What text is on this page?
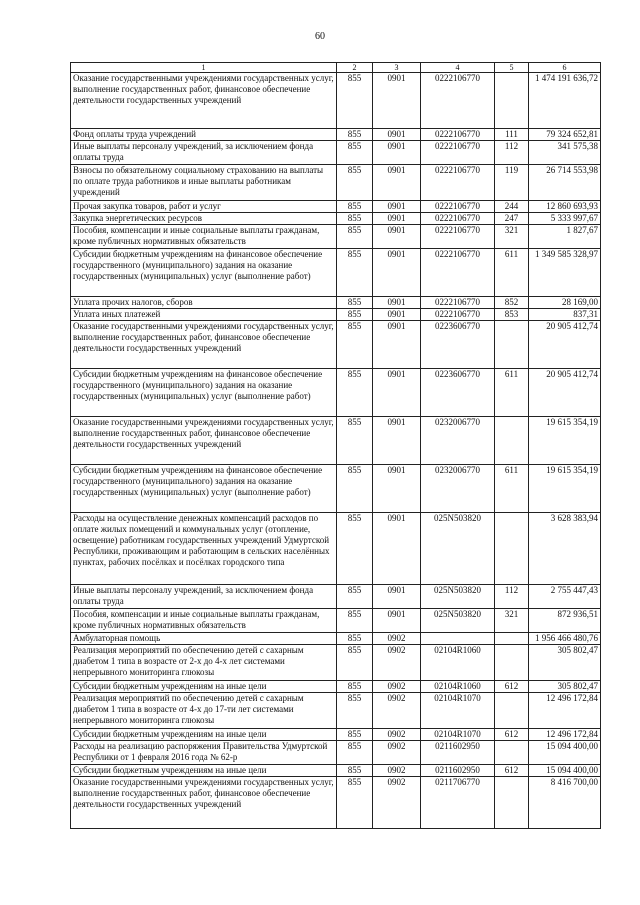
60
1	2	3	4	5	6
Оказание государственными учреждениями государственных услуг, выполнение государственных работ, финансовое обеспечение деятельности государственных учреждений	855	0901	0222106770		1 474 191 636,72
Фонд оплаты труда учреждений	855	0901	0222106770	111	79 324 652,81
Иные выплаты персоналу учреждений, за исключением фонда оплаты труда	855	0901	0222106770	112	341 575,38
Взносы по обязательному социальному страхованию на выплаты по оплате труда работников и иные выплаты работникам учреждений	855	0901	0222106770	119	26 714 553,98
Прочая закупка товаров, работ и услуг	855	0901	0222106770	244	12 860 693,93
Закупка энергетических ресурсов	855	0901	0222106770	247	5 333 997,67
Пособия, компенсации и иные социальные выплаты гражданам, кроме публичных нормативных обязательств	855	0901	0222106770	321	1 827,67
Субсидии бюджетным учреждениям на финансовое обеспечение государственного (муниципального) задания на оказание государственных (муниципальных) услуг (выполнение работ)	855	0901	0222106770	611	1 349 585 328,97
Уплата прочих налогов, сборов	855	0901	0222106770	852	28 169,00
Уплата иных платежей	855	0901	0222106770	853	837,31
Оказание государственными учреждениями государственных услуг, выполнение государственных работ, финансовое обеспечение деятельности государственных учреждений	855	0901	0223606770		20 905 412,74
Субсидии бюджетным учреждениям на финансовое обеспечение государственного (муниципального) задания на оказание государственных (муниципальных) услуг (выполнение работ)	855	0901	0223606770	611	20 905 412,74
Оказание государственными учреждениями государственных услуг, выполнение государственных работ, финансовое обеспечение деятельности государственных учреждений	855	0901	0232006770		19 615 354,19
Субсидии бюджетным учреждениям на финансовое обеспечение государственного (муниципального) задания на оказание государственных (муниципальных) услуг (выполнение работ)	855	0901	0232006770	611	19 615 354,19
Расходы на осуществление денежных компенсаций расходов по оплате жилых помещений и коммунальных услуг (отопление, освещение) работникам государственных учреждений Удмуртской Республики, проживающим и работающим в сельских населённых пунктах, рабочих посёлках и посёлках городского типа	855	0901	025N503820		3 628 383,94
Иные выплаты персоналу учреждений, за исключением фонда оплаты труда	855	0901	025N503820	112	2 755 447,43
Пособия, компенсации и иные социальные выплаты гражданам, кроме публичных нормативных обязательств	855	0901	025N503820	321	872 936,51
Амбулаторная помощь	855	0902			1 956 466 480,76
Реализация мероприятий по обеспечению детей с сахарным диабетом 1 типа в возрасте от 2-х до 4-х лет системами непрерывного мониторинга глюкозы	855	0902	02104R1060		305 802,47
Субсидии бюджетным учреждениям на иные цели	855	0902	02104R1060	612	305 802,47
Реализация мероприятий по обеспечению детей с сахарным диабетом 1 типа в возрасте от 4-х до 17-ти лет системами непрерывного мониторинга глюкозы	855	0902	02104R1070		12 496 172,84
Субсидии бюджетным учреждениям на иные цели	855	0902	02104R1070	612	12 496 172,84
Расходы на реализацию распоряжения Правительства Удмуртской Республики от 1 февраля 2016 года № 62-р	855	0902	0211602950		15 094 400,00
Субсидии бюджетным учреждениям на иные цели	855	0902	0211602950	612	15 094 400,00
Оказание государственными учреждениями государственных услуг, выполнение государственных работ, финансовое обеспечение деятельности государственных учреждений	855	0902	0211706770		8 416 700,00
